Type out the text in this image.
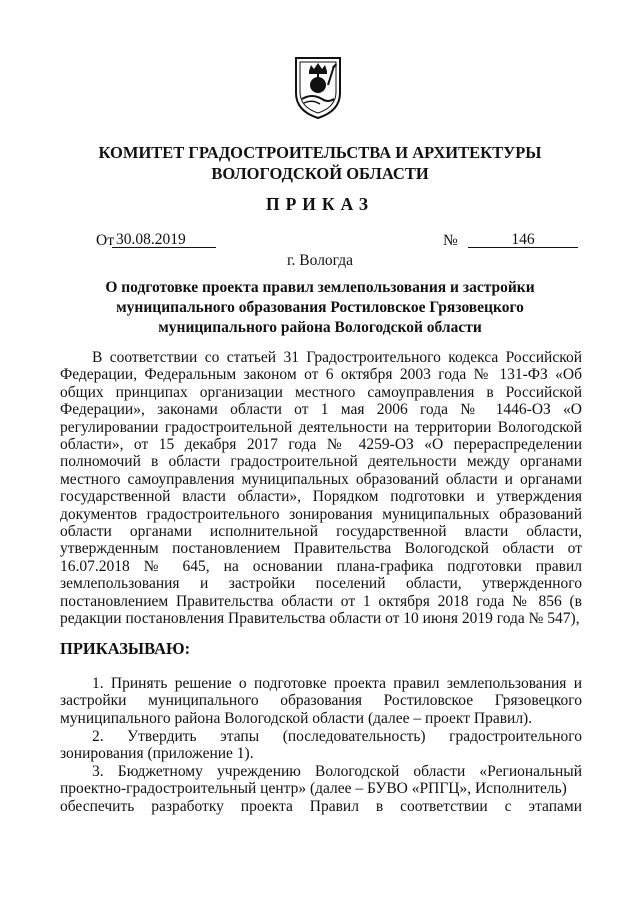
КОМИТЕТ ГРАДОСТРОИТЕЛЬСТВА И АРХИТЕКТУРЫ
ВОЛОГОДСКОЙ ОБЛАСТИ
ПРИКАЗ
От 30.08.2019	№	146
г. Вологда
О подготовке проекта правил землепользования и застройки муниципального образования Ростиловское Грязовецкого муниципального района Вологодской области

В соответствии со статьей 31 Градостроительного кодекса Российской Федерации, Федеральным законом от 6 октября 2003 года № 131-ФЗ «Об общих принципах организации местного самоуправления в Российской Федерации», законами области от 1 мая 2006 года № 1446-ОЗ «О регулировании градостроительной деятельности на территории Вологодской области», от 15 декабря 2017 года № 4259-ОЗ «О перераспределении полномочий в области градостроительной деятельности между органами местного самоуправления муниципальных образований области и органами государственной власти области», Порядком подготовки и утверждения документов градостроительного зонирования муниципальных образований области органами исполнительной государственной власти области, утвержденным постановлением Правительства Вологодской области от 16.07.2018 № 645, на основании плана-графика подготовки правил землепользования и застройки поселений области, утвержденного постановлением Правительства области от 1 октября 2018 года № 856 (в редакции постановления Правительства области от 10 июня 2019 года № 547),

ПРИКАЗЫВАЮ:

1. Принять решение о подготовке проекта правил землепользования и застройки муниципального образования Ростиловское Грязовецкого муниципального района Вологодской области (далее – проект Правил).

2. Утвердить этапы (последовательность) градостроительного зонирования (приложение 1).

3. Бюджетному учреждению Вологодской области «Региональный проектно-градостроительный центр» (далее – БУВО «РПГЦ», Исполнитель)

обеспечить разработку проекта Правил в соответствии с этапами
